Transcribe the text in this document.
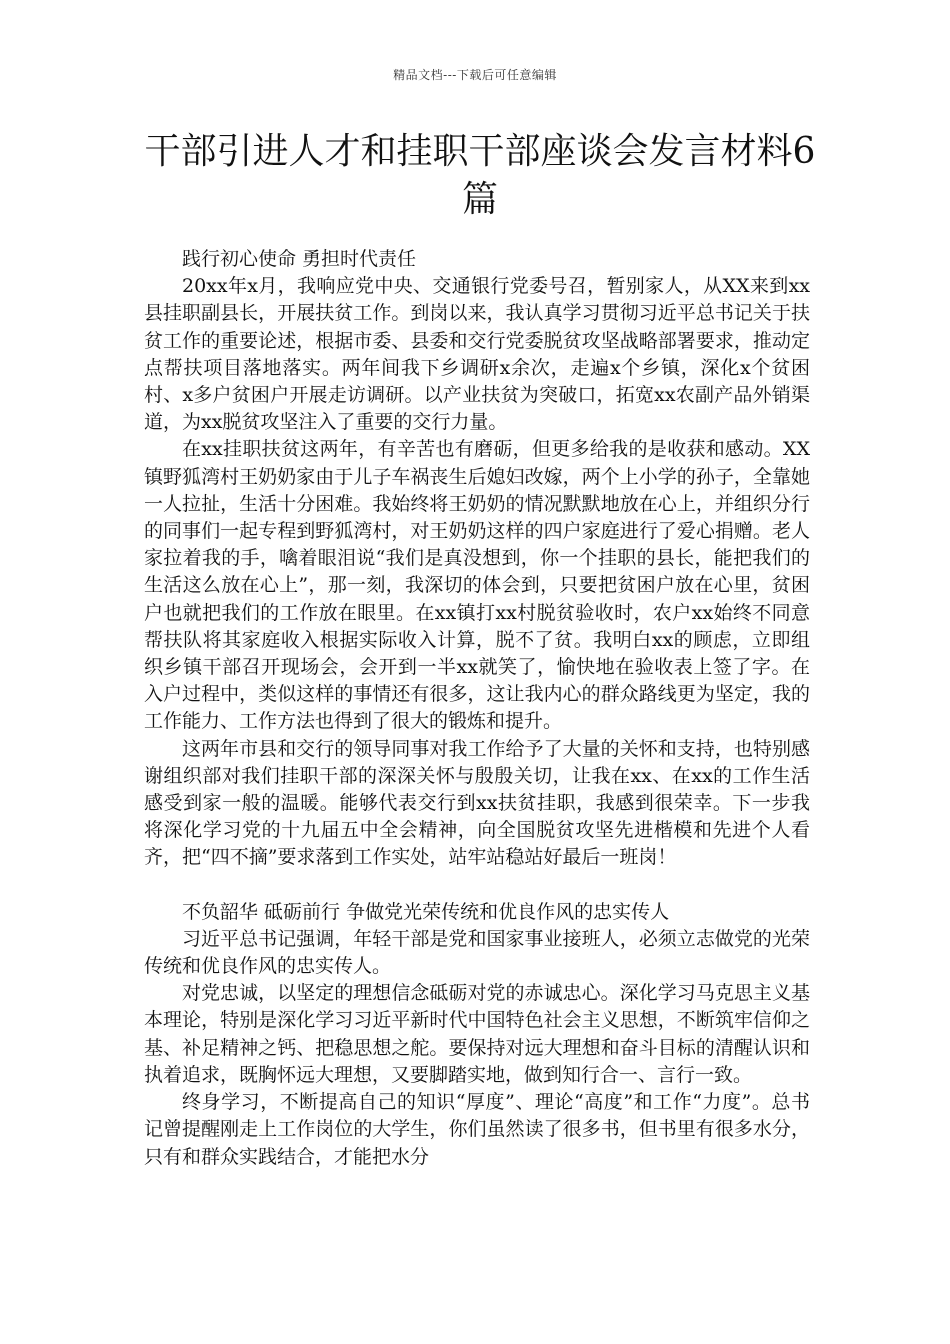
精品文档---下载后可任意编辑
干部引进人才和挂职干部座谈会发言材料6篇
践行初心使命 勇担时代责任

20xx年x月，我响应党中央、交通银行党委号召，暂别家人，从XX来到xx县挂职副县长，开展扶贫工作。到岗以来，我认真学习贯彻习近平总书记关于扶贫工作的重要论述，根据市委、县委和交行党委脱贫攻坚战略部署要求，推动定点帮扶项目落地落实。两年间我下乡调研x余次，走遍x个乡镇，深化x个贫困村、x多户贫困户开展走访调研。以产业扶贫为突破口，拓宽xx农副产品外销渠道，为xx脱贫攻坚注入了重要的交行力量。

在xx挂职扶贫这两年，有辛苦也有磨砺，但更多给我的是收获和感动。XX镇野狐湾村王奶奶家由于儿子车祸丧生后媳妇改嫁，两个上小学的孙子，全靠她一人拉扯，生活十分困难。我始终将王奶奶的情况默默地放在心上，并组织分行的同事们一起专程到野狐湾村，对王奶奶这样的四户家庭进行了爱心捐赠。老人家拉着我的手，噙着眼泪说“我们是真没想到，你一个挂职的县长，能把我们的生活这么放在心上”，那一刻，我深切的体会到，只要把贫困户放在心里，贫困户也就把我们的工作放在眼里。在xx镇打xx村脱贫验收时，农户xx始终不同意帮扶队将其家庭收入根据实际收入计算，脱不了贫。我明白xx的顾虑，立即组织乡镇干部召开现场会，会开到一半xx就笑了，愉快地在验收表上签了字。在入户过程中，类似这样的事情还有很多，这让我内心的群众路线更为坚定，我的工作能力、工作方法也得到了很大的锻炼和提升。

这两年市县和交行的领导同事对我工作给予了大量的关怀和支持，也特别感谢组织部对我们挂职干部的深深关怀与殷殷关切，让我在xx、在xx的工作生活感受到家一般的温暖。能够代表交行到xx扶贫挂职，我感到很荣幸。下一步我将深化学习党的十九届五中全会精神，向全国脱贫攻坚先进楷模和先进个人看齐，把“四不摘”要求落到工作实处，站牢站稳站好最后一班岗！

不负韶华 砥砺前行 争做党光荣传统和优良作风的忠实传人

习近平总书记强调，年轻干部是党和国家事业接班人，必须立志做党的光荣传统和优良作风的忠实传人。

对党忠诚，以坚定的理想信念砥砺对党的赤诚忠心。深化学习马克思主义基本理论，特别是深化学习习近平新时代中国特色社会主义思想，不断筑牢信仰之基、补足精神之钙、把稳思想之舵。要保持对远大理想和奋斗目标的清醒认识和执着追求，既胸怀远大理想，又要脚踏实地，做到知行合一、言行一致。

终身学习，不断提高自己的知识“厚度”、理论“高度”和工作“力度”。总书记曾提醒刚走上工作岗位的大学生，你们虽然读了很多书，但书里有很多水分，只有和群众实践结合，才能把水分
